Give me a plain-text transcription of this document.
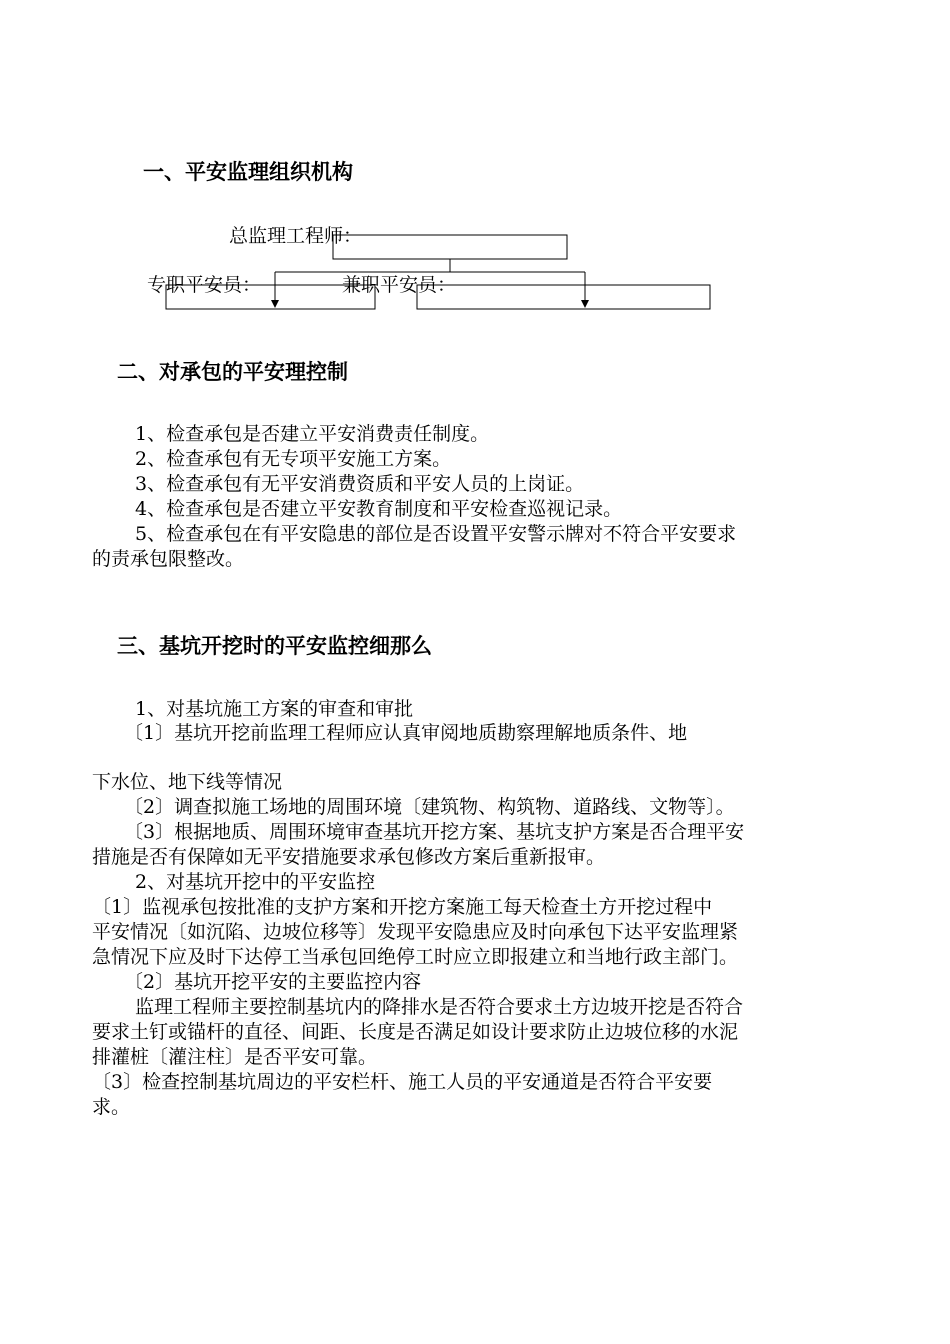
一、平安监理组织机构
总监理工程师：
专职平安员：	兼职平安员：
二、对承包的平安理控制
1、检查承包是否建立平安消费责任制度。
2、检查承包有无专项平安施工方案。
3、检查承包有无平安消费资质和平安人员的上岗证。
4、检查承包是否建立平安教育制度和平安检查巡视记录。
5、检查承包在有平安隐患的部位是否设置平安警示牌对不符合平安要求
的责承包限整改。
三、基坑开挖时的平安监控细那么
1、对基坑施工方案的审查和审批
〔1〕基坑开挖前监理工程师应认真审阅地质勘察理解地质条件、地
下水位、地下线等情况
〔2〕调查拟施工场地的周围环境〔建筑物、构筑物、道路线、文物等〕。
〔3〕根据地质、周围环境审查基坑开挖方案、基坑支护方案是否合理平安
措施是否有保障如无平安措施要求承包修改方案后重新报审。
2、对基坑开挖中的平安监控
〔1〕监视承包按批准的支护方案和开挖方案施工每天检查土方开挖过程中
平安情况〔如沉陷、边坡位移等〕发现平安隐患应及时向承包下达平安监理紧
急情况下应及时下达停工当承包回绝停工时应立即报建立和当地行政主部门。
〔2〕基坑开挖平安的主要监控内容
监理工程师主要控制基坑内的降排水是否符合要求土方边坡开挖是否符合
要求土钉或锚杆的直径、间距、长度是否满足如设计要求防止边坡位移的水泥
排灌桩〔灌注柱〕是否平安可靠。
〔3〕检查控制基坑周边的平安栏杆、施工人员的平安通道是否符合平安要
求。
